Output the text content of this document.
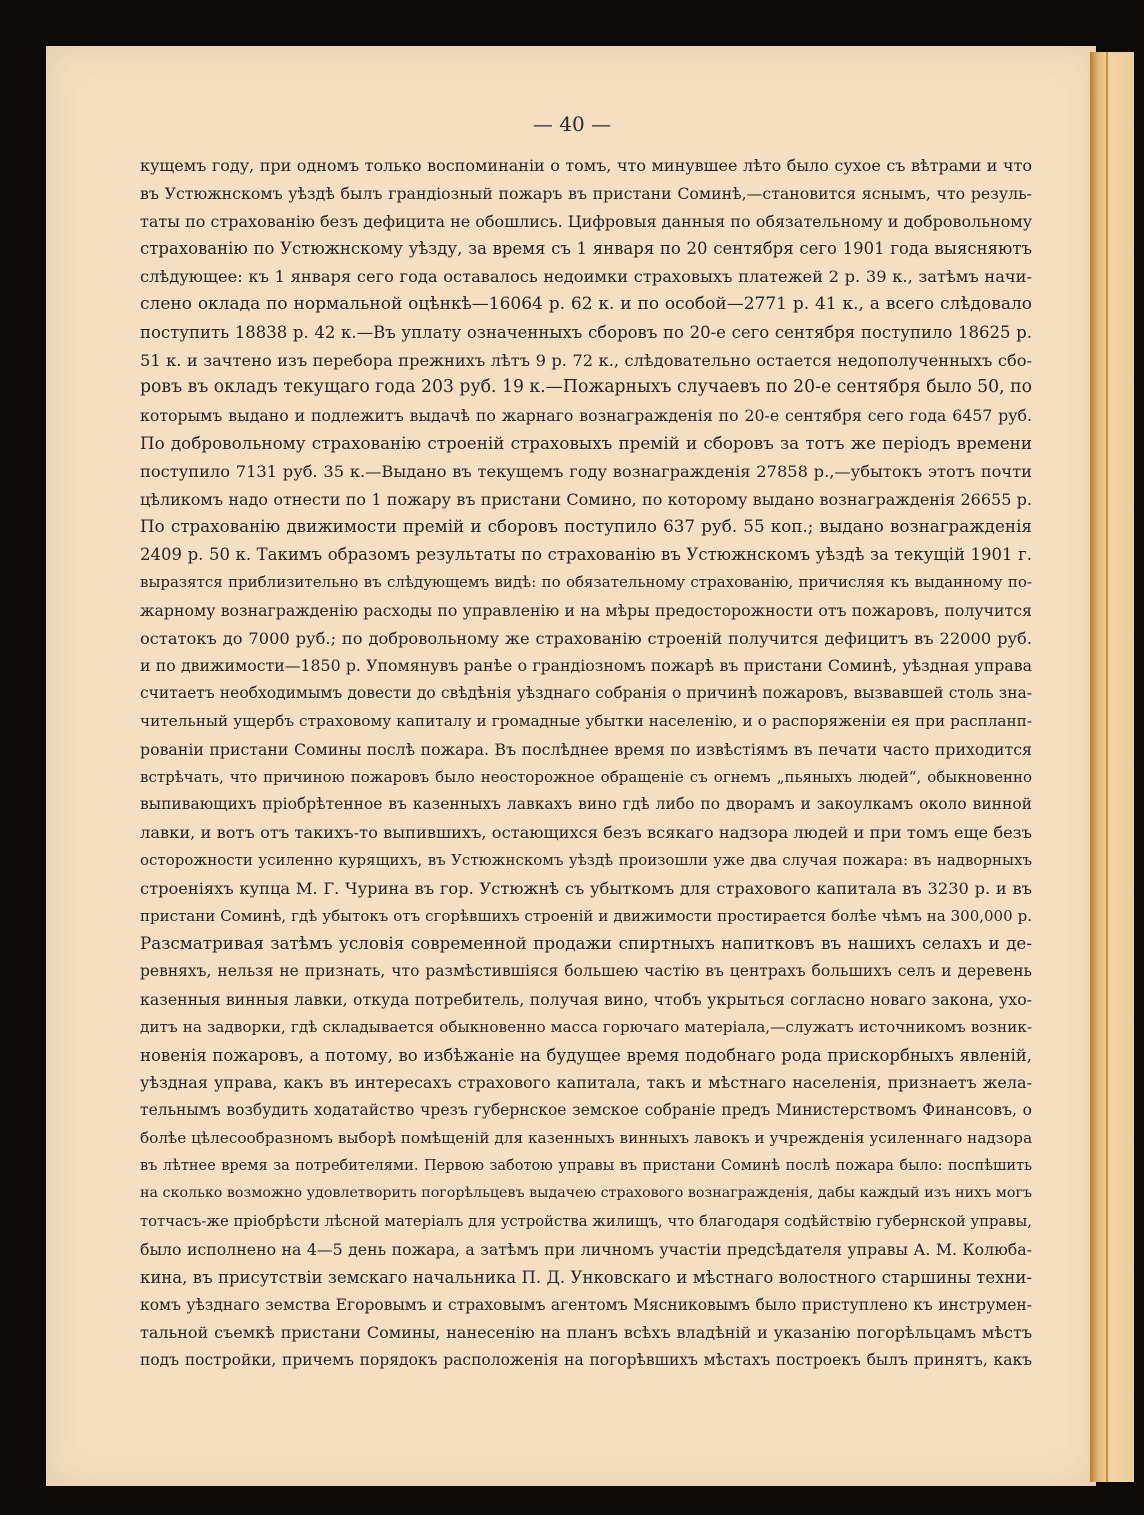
— 40 —
кущемъ году, при одномъ только воспоминаніи о томъ, что минувшее лѣто было сухое съ вѣтрами и что
въ Устюжнскомъ уѣздѣ былъ грандіозный пожаръ въ пристани Соминѣ,—становится яснымъ, что резуль-
таты по страхованію безъ дефицита не обошлись. Цифровыя данныя по обязательному и добровольному
страхованію по Устюжнскому уѣзду, за время съ 1 января по 20 сентября сего 1901 года выясняютъ
слѣдующее: къ 1 января сего года оставалось недоимки страховыхъ платежей 2 р. 39 к., затѣмъ начи-
слено оклада по нормальной оцѣнкѣ—16064 р. 62 к. и по особой—2771 р. 41 к., а всего слѣдовало
поступить 18838 р. 42 к.—Въ уплату означенныхъ сборовъ по 20-е сего сентября поступило 18625 р.
51 к. и зачтено изъ перебора прежнихъ лѣтъ 9 р. 72 к., слѣдовательно остается недополученныхъ сбо-
ровъ въ окладъ текущаго года 203 руб. 19 к.—Пожарныхъ случаевъ по 20-е сентября было 50, по
которымъ выдано и подлежитъ выдачѣ по жарнаго вознагражденія по 20-е сентября сего года 6457 руб.
По добровольному страхованію строеній страховыхъ премій и сборовъ за тотъ же періодъ времени
поступило 7131 руб. 35 к.—Выдано въ текущемъ году вознагражденія 27858 р.,—убытокъ этотъ почти
цѣликомъ надо отнести по 1 пожару въ пристани Сомино, по которому выдано вознагражденія 26655 р.
По страхованію движимости премій и сборовъ поступило 637 руб. 55 коп.; выдано вознагражденія
2409 р. 50 к. Такимъ образомъ результаты по страхованію въ Устюжнскомъ уѣздѣ за текущій 1901 г.
выразятся приблизительно въ слѣдующемъ видѣ: по обязательному страхованію, причисляя къ выданному по-
жарному вознагражденію расходы по управленію и на мѣры предосторожности отъ пожаровъ, получится
остатокъ до 7000 руб.; по добровольному же страхованію строеній получится дефицитъ въ 22000 руб.
и по движимости—1850 р. Упомянувъ ранѣе о грандіозномъ пожарѣ въ пристани Соминѣ, уѣздная управа
считаетъ необходимымъ довести до свѣдѣнія уѣзднаго собранія о причинѣ пожаровъ, вызвавшей столь зна-
чительный ущербъ страховому капиталу и громадные убытки населенію, и о распоряженіи ея при распланп-
рованіи пристани Сомины послѣ пожара. Въ послѣднее время по извѣстіямъ въ печати часто приходится
встрѣчать, что причиною пожаровъ было неосторожное обращеніе съ огнемъ „пьяныхъ людей“, обыкновенно
выпивающихъ пріобрѣтенное въ казенныхъ лавкахъ вино гдѣ либо по дворамъ и закоулкамъ около винной
лавки, и вотъ отъ такихъ-то выпившихъ, остающихся безъ всякаго надзора людей и при томъ еще безъ
осторожности усиленно курящихъ, въ Устюжнскомъ уѣздѣ произошли уже два случая пожара: въ надворныхъ
строеніяхъ купца М. Г. Чурина въ гор. Устюжнѣ съ убыткомъ для страхового капитала въ 3230 р. и въ
пристани Соминѣ, гдѣ убытокъ отъ сгорѣвшихъ строеній и движимости простирается болѣе чѣмъ на 300,000 р.
Разсматривая затѣмъ условія современной продажи спиртныхъ напитковъ въ нашихъ селахъ и де-
ревняхъ, нельзя не признать, что размѣстившіяся большею частію въ центрахъ большихъ селъ и деревень
казенныя винныя лавки, откуда потребитель, получая вино, чтобъ укрыться согласно новаго закона, ухо-
дитъ на задворки, гдѣ складывается обыкновенно масса горючаго матеріала,—служатъ источникомъ возник-
новенія пожаровъ, а потому, во избѣжаніе на будущее время подобнаго рода прискорбныхъ явленій,
уѣздная управа, какъ въ интересахъ страхового капитала, такъ и мѣстнаго населенія, признаетъ жела-
тельнымъ возбудить ходатайство чрезъ губернское земское собраніе предъ Министерствомъ Финансовъ, о
болѣе цѣлесообразномъ выборѣ помѣщеній для казенныхъ винныхъ лавокъ и учрежденія усиленнаго надзора
въ лѣтнее время за потребителями. Первою заботою управы въ пристани Соминѣ послѣ пожара было: поспѣшить
на сколько возможно удовлетворить погорѣльцевъ выдачею страхового вознагражденія, дабы каждый изъ нихъ могъ
тотчасъ-же пріобрѣсти лѣсной матеріалъ для устройства жилищъ, что благодаря содѣйствію губернской управы,
было исполнено на 4—5 день пожара, а затѣмъ при личномъ участіи предсѣдателя управы А. М. Колюба-
кина, въ присутствіи земскаго начальника П. Д. Унковскаго и мѣстнаго волостного старшины техни-
комъ уѣзднаго земства Егоровымъ и страховымъ агентомъ Мясниковымъ было приступлено къ инструмен-
тальной съемкѣ пристани Сомины, нанесенію на планъ всѣхъ владѣній и указанію погорѣльцамъ мѣстъ
подъ постройки, причемъ порядокъ расположенія на погорѣвшихъ мѣстахъ построекъ былъ принятъ, какъ
